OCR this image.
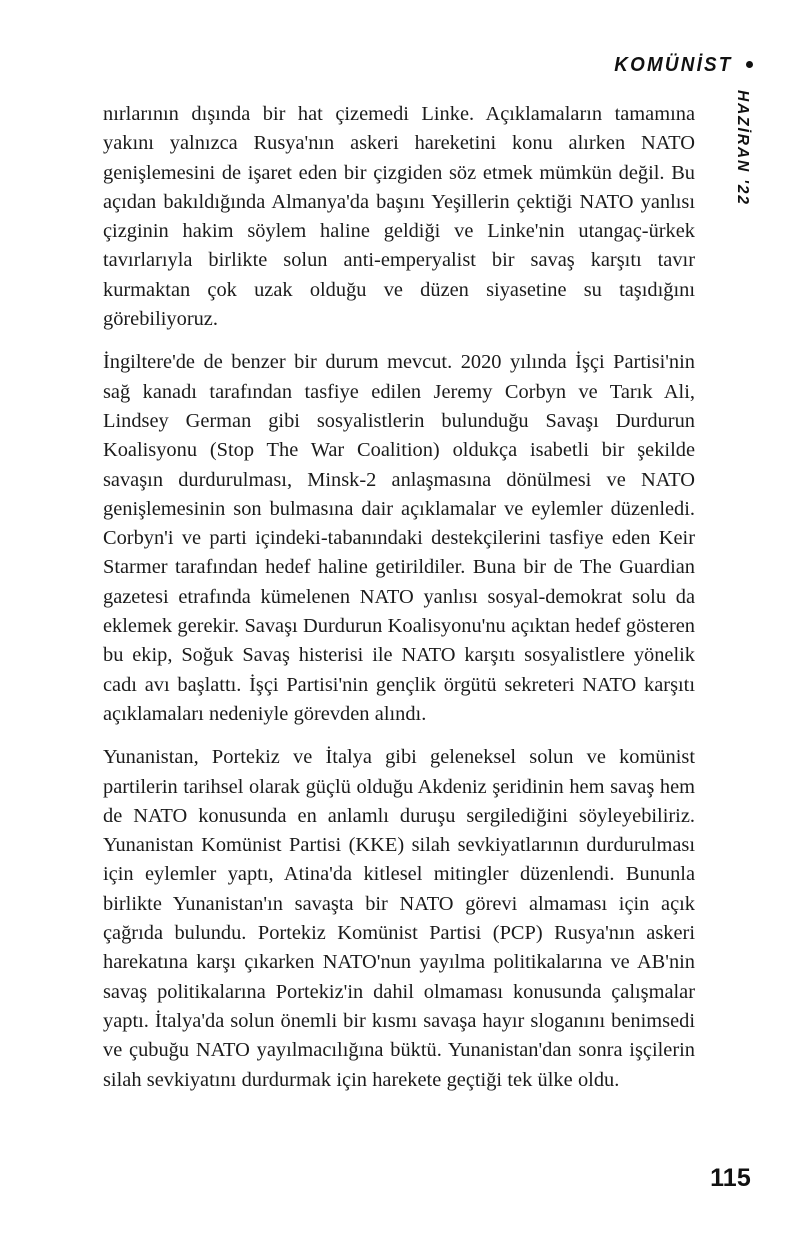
KOMÜNİST
HAZİRAN '22

nırlarının dışında bir hat çizemedi Linke. Açıklamaların tamamına yakını yalnızca Rusya'nın askeri hareketini konu alırken NATO genişlemesini de işaret eden bir çizgiden söz etmek mümkün değil. Bu açıdan bakıldığında Almanya'da başını Yeşillerin çektiği NATO yanlısı çizginin hakim söylem haline geldiği ve Linke'nin utangaç-ürkek tavırlarıyla birlikte solun anti-emperyalist bir savaş karşıtı tavır kurmaktan çok uzak olduğu ve düzen siyasetine su taşıdığını görebiliyoruz.

İngiltere'de de benzer bir durum mevcut. 2020 yılında İşçi Partisi'nin sağ kanadı tarafından tasfiye edilen Jeremy Corbyn ve Tarık Ali, Lindsey German gibi sosyalistlerin bulunduğu Savaşı Durdurun Koalisyonu (Stop The War Coalition) oldukça isabetli bir şekilde savaşın durdurulması, Minsk-2 anlaşmasına dönülmesi ve NATO genişlemesinin son bulmasına dair açıklamalar ve eylemler düzenledi. Corbyn'i ve parti içindeki-tabanındaki destekçilerini tasfiye eden Keir Starmer tarafından hedef haline getirildiler. Buna bir de The Guardian gazetesi etrafında kümelenen NATO yanlısı sosyal-demokrat solu da eklemek gerekir. Savaşı Durdurun Koalisyonu'nu açıktan hedef gösteren bu ekip, Soğuk Savaş histerisi ile NATO karşıtı sosyalistlere yönelik cadı avı başlattı. İşçi Partisi'nin gençlik örgütü sekreteri NATO karşıtı açıklamaları nedeniyle görevden alındı.

Yunanistan, Portekiz ve İtalya gibi geleneksel solun ve komünist partilerin tarihsel olarak güçlü olduğu Akdeniz şeridinin hem savaş hem de NATO konusunda en anlamlı duruşu sergilediğini söyleyebiliriz. Yunanistan Komünist Partisi (KKE) silah sevkiyatlarının durdurulması için eylemler yaptı, Atina'da kitlesel mitingler düzenlendi. Bununla birlikte Yunanistan'ın savaşta bir NATO görevi almaması için açık çağrıda bulundu. Portekiz Komünist Partisi (PCP) Rusya'nın askeri harekatına karşı çıkarken NATO'nun yayılma politikalarına ve AB'nin savaş politikalarına Portekiz'in dahil olmaması konusunda çalışmalar yaptı. İtalya'da solun önemli bir kısmı savaşa hayır sloganını benimsedi ve çubuğu NATO yayılmacılığına büktü. Yunanistan'dan sonra işçilerin silah sevkiyatını durdurmak için harekete geçtiği tek ülke oldu.

115
